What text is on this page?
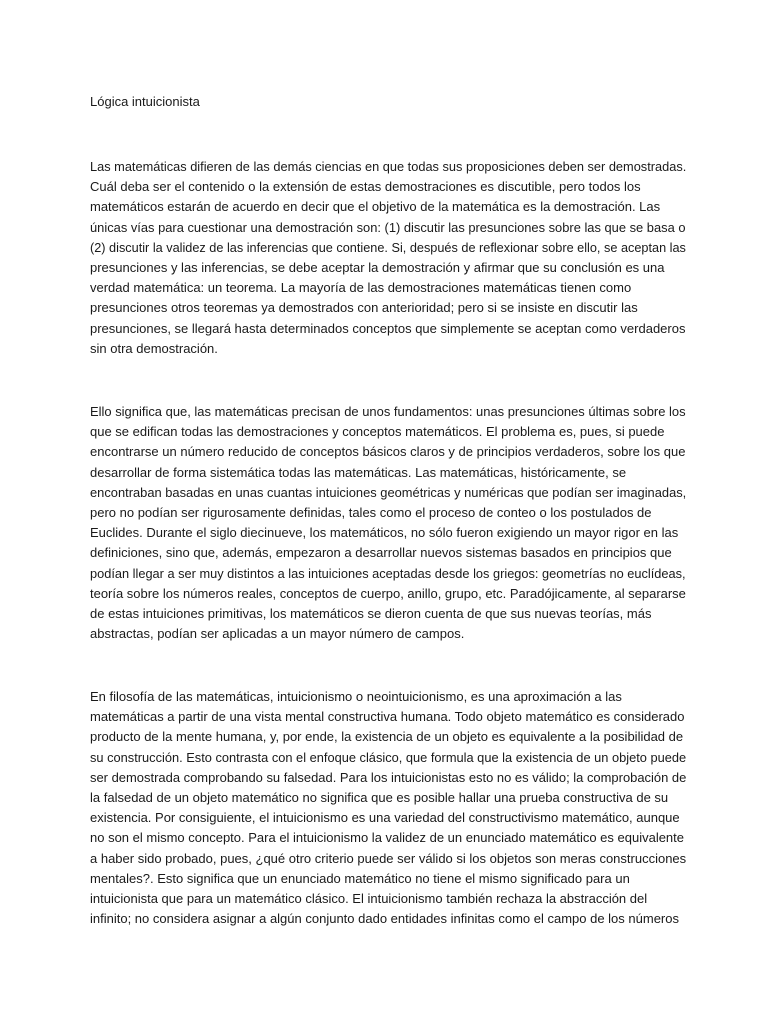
Lógica intuicionista
Las matemáticas difieren de las demás ciencias en que todas sus proposiciones deben ser demostradas.
Cuál deba ser el contenido o la extensión de estas demostraciones es discutible, pero todos los
matemáticos estarán de acuerdo en decir que el objetivo de la matemática es la demostración. Las
únicas vías para cuestionar una demostración son: (1) discutir las presunciones sobre las que se basa o
(2) discutir la validez de las inferencias que contiene. Si, después de reflexionar sobre ello, se aceptan las
presunciones y las inferencias, se debe aceptar la demostración y afirmar que su conclusión es una
verdad matemática: un teorema. La mayoría de las demostraciones matemáticas tienen como
presunciones otros teoremas ya demostrados con anterioridad; pero si se insiste en discutir las
presunciones, se llegará hasta determinados conceptos que simplemente se aceptan como verdaderos
sin otra demostración.
Ello significa que, las matemáticas precisan de unos fundamentos: unas presunciones últimas sobre los
que se edifican todas las demostraciones y conceptos matemáticos. El problema es, pues, si puede
encontrarse un número reducido de conceptos básicos claros y de principios verdaderos, sobre los que
desarrollar de forma sistemática todas las matemáticas. Las matemáticas, históricamente, se
encontraban basadas en unas cuantas intuiciones geométricas y numéricas que podían ser imaginadas,
pero no podían ser rigurosamente definidas, tales como el proceso de conteo o los postulados de
Euclides. Durante el siglo diecinueve, los matemáticos, no sólo fueron exigiendo un mayor rigor en las
definiciones, sino que, además, empezaron a desarrollar nuevos sistemas basados en principios que
podían llegar a ser muy distintos a las intuiciones aceptadas desde los griegos: geometrías no euclídeas,
teoría sobre los números reales, conceptos de cuerpo, anillo, grupo, etc. Paradójicamente, al separarse
de estas intuiciones primitivas, los matemáticos se dieron cuenta de que sus nuevas teorías, más
abstractas, podían ser aplicadas a un mayor número de campos.
En filosofía de las matemáticas, intuicionismo o neointuicionismo, es una aproximación a las
matemáticas a partir de una vista mental constructiva humana. Todo objeto matemático es considerado
producto de la mente humana, y, por ende, la existencia de un objeto es equivalente a la posibilidad de
su construcción. Esto contrasta con el enfoque clásico, que formula que la existencia de un objeto puede
ser demostrada comprobando su falsedad. Para los intuicionistas esto no es válido; la comprobación de
la falsedad de un objeto matemático no significa que es posible hallar una prueba constructiva de su
existencia. Por consiguiente, el intuicionismo es una variedad del constructivismo matemático, aunque
no son el mismo concepto. Para el intuicionismo la validez de un enunciado matemático es equivalente
a haber sido probado, pues, ¿qué otro criterio puede ser válido si los objetos son meras construcciones
mentales?. Esto significa que un enunciado matemático no tiene el mismo significado para un
intuicionista que para un matemático clásico. El intuicionismo también rechaza la abstracción del
infinito; no considera asignar a algún conjunto dado entidades infinitas como el campo de los números
